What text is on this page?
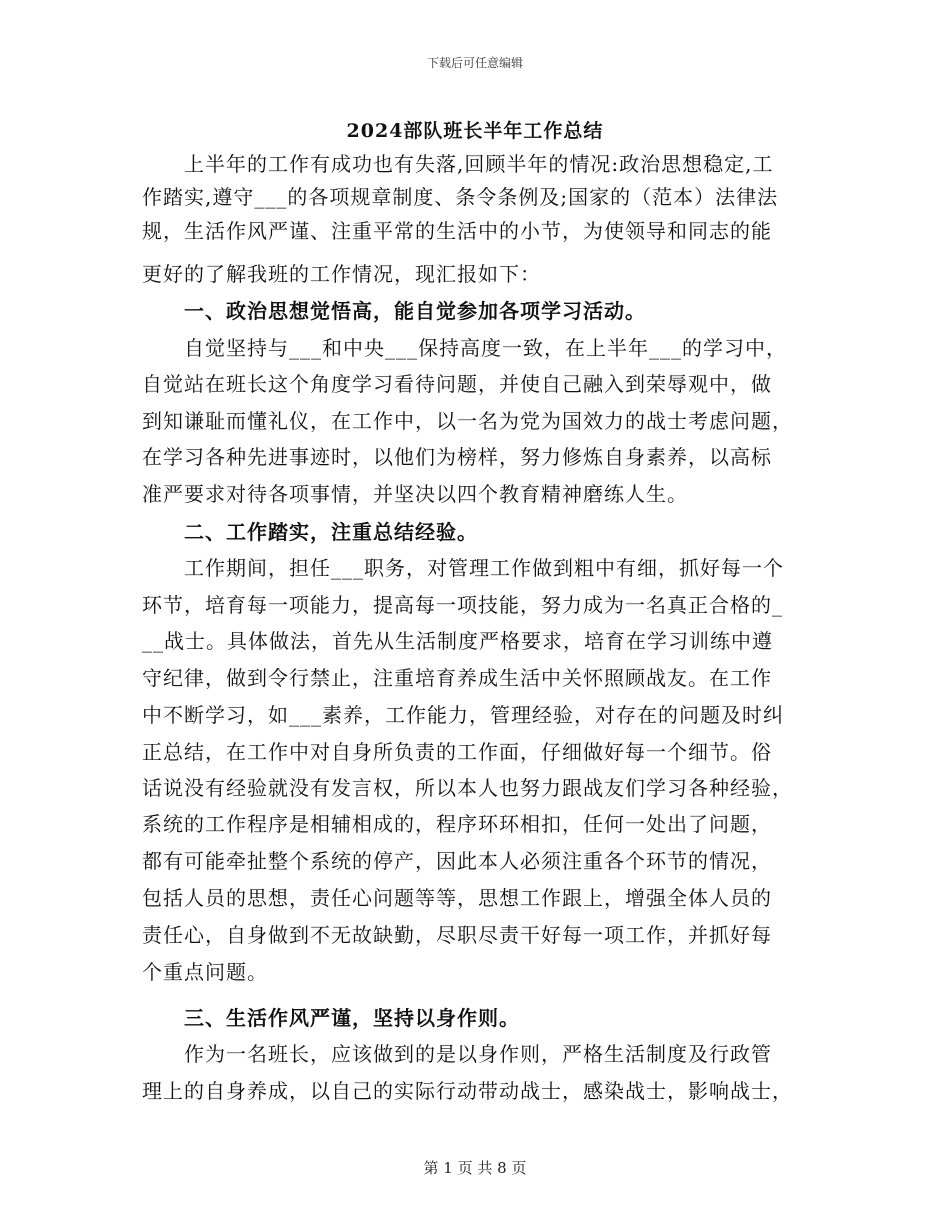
下载后可任意编辑
2024部队班长半年工作总结
　　上半年的工作有成功也有失落,回顾半年的情况:政治思想稳定,工
作踏实,遵守___的各项规章制度、条令条例及;国家的（范本）法律法
规，生活作风严谨、注重平常的生活中的小节，为使领导和同志的能
更好的了解我班的工作情况，现汇报如下：
　　一、政治思想觉悟高，能自觉参加各项学习活动。
　　自觉坚持与___和中央___保持高度一致，在上半年___的学习中，
自觉站在班长这个角度学习看待问题，并使自己融入到荣辱观中，做
到知谦耻而懂礼仪，在工作中，以一名为党为国效力的战士考虑问题，
在学习各种先进事迹时，以他们为榜样，努力修炼自身素养，以高标
准严要求对待各项事情，并坚决以四个教育精神磨练人生。
　　二、工作踏实，注重总结经验。
　　工作期间，担任___职务，对管理工作做到粗中有细，抓好每一个
环节，培育每一项能力，提高每一项技能，努力成为一名真正合格的_
__战士。具体做法，首先从生活制度严格要求，培育在学习训练中遵
守纪律，做到令行禁止，注重培育养成生活中关怀照顾战友。在工作
中不断学习，如___素养，工作能力，管理经验，对存在的问题及时纠
正总结，在工作中对自身所负责的工作面，仔细做好每一个细节。俗
话说没有经验就没有发言权，所以本人也努力跟战友们学习各种经验，
系统的工作程序是相辅相成的，程序环环相扣，任何一处出了问题，
都有可能牵扯整个系统的停产，因此本人必须注重各个环节的情况，
包括人员的思想，责任心问题等等，思想工作跟上，增强全体人员的
责任心，自身做到不无故缺勤，尽职尽责干好每一项工作，并抓好每
个重点问题。
　　三、生活作风严谨，坚持以身作则。
　　作为一名班长，应该做到的是以身作则，严格生活制度及行政管
理上的自身养成，以自己的实际行动带动战士，感染战士，影响战士，
第 1 页 共 8 页
